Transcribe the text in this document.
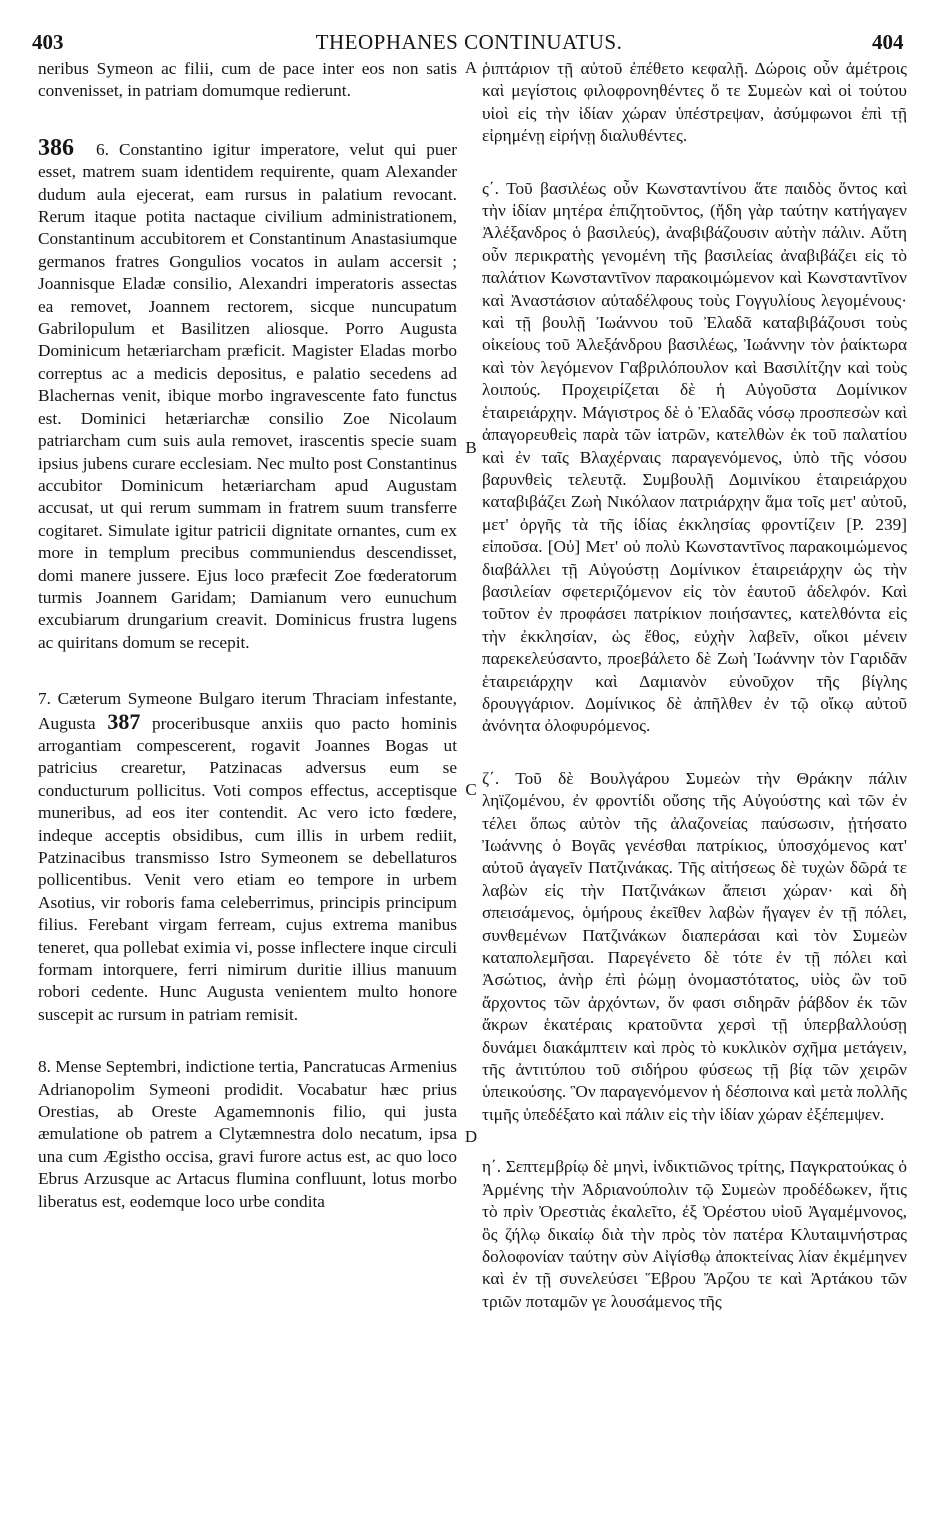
403	THEOPHANES CONTINUATUS.	404

neribus Symeon ac filii, cum de pace inter eos non satis convenisset, in patriam domumque redierunt.

386 6. Constantino igitur imperatore, velut qui puer esset, matrem suam identidem requirente, quam Alexander dudum aula ejecerat, eam rursus in palatium revocant. Rerum itaque potita nactaque civilium administrationem, Constantinum accubitorem et Constantinum Anastasiumque germanos fratres Gongulios vocatos in aulam accersit ; Joannisque Eladæ consilio, Alexandri imperatoris assectas ea removet, Joannem rectorem, sicque nuncupatum Gabrilopulum et Basilitzen aliosque. Porro Augusta Dominicum hetæriarcham præficit. Magister Eladas morbo correptus ac a medicis depositus, e palatio secedens ad Blachernas venit, ibique morbo ingravescente fato functus est. Dominici hetæriarchæ consilio Zoe Nicolaum patriarcham cum suis aula removet, irascentis specie suam ipsius jubens curare ecclesiam. Nec multo post Constantinus accubitor Dominicum hetæriarcham apud Augustam accusat, ut qui rerum summam in fratrem suum transferre cogitaret. Simulate igitur patricii dignitate ornantes, cum ex more in templum precibus communiendus descendisset, domi manere jussere. Ejus loco præfecit Zoe fœderatorum turmis Joannem Garidam; Damianum vero eunuchum excubiarum drungarium creavit. Dominicus frustra lugens ac quiritans domum se recepit.

7. Cæterum Symeone Bulgaro iterum Thraciam infestante, Augusta 387 proceribusque anxiis quo pacto hominis arrogantiam compescerent, rogavit Joannes Bogas ut patricius crearetur, Patzinacas adversus eum se conducturum pollicitus. Voti compos effectus, acceptisque muneribus, ad eos iter contendit. Ac vero icto fœdere, indeque acceptis obsidibus, cum illis in urbem rediit, Patzinacibus transmisso Istro Symeonem se debellaturos pollicentibus. Venit vero etiam eo tempore in urbem Asotius, vir roboris fama celeberrimus, principis principum filius. Ferebant virgam ferream, cujus extrema manibus teneret, qua pollebat eximia vi, posse inflectere inque circuli formam intorquere, ferri nimirum duritie illius manuum robori cedente. Hunc Augusta venientem multo honore suscepit ac rursum in patriam remisit.

8. Mense Septembri, indictione tertia, Pancratucas Armenius Adrianopolim Symeoni prodidit. Vocabatur hæc prius Orestias, ab Oreste Agamemnonis filio, qui justa æmulatione ob patrem a Clytæmnestra dolo necatum, ipsa una cum Ægistho occisa, gravi furore actus est, ac quo loco Ebrus Arzusque ac Artacus flumina confluunt, lotus morbo liberatus est, eodemque loco urbe condita

A
B
C
D

ῥιπτάριον τῇ αὐτοῦ ἐπέθετο κεφαλῇ. Δώροις οὖν ἀμέτροις καὶ μεγίστοις φιλοφρονηθέντες ὅ τε Συμεὼν καὶ οἱ τούτου υἱοὶ εἰς τὴν ἰδίαν χώραν ὑπέστρεψαν, ἀσύμφωνοι ἐπὶ τῇ εἰρημένῃ εἰρήνῃ διαλυθέντες.

ς΄. Τοῦ βασιλέως οὖν Κωνσταντίνου ἅτε παιδὸς ὄντος καὶ τὴν ἰδίαν μητέρα ἐπιζητοῦντος, (ἤδη γὰρ ταύτην κατήγαγεν Ἀλέξανδρος ὁ βασιλεύς), ἀναβιβάζουσιν αὐτὴν πάλιν. Αὕτη οὖν περικρατὴς γενομένη τῆς βασιλείας ἀναβιβάζει εἰς τὸ παλάτιον Κωνσταντῖνον παρακοιμώμενον καὶ Κωνσταντῖνον καὶ Ἀναστάσιον αὐταδέλφους τοὺς Γογγυλίους λεγομένους· καὶ τῇ βουλῇ Ἰωάννου τοῦ Ἐλαδᾶ καταβιβάζουσι τοὺς οἰκείους τοῦ Ἀλεξάνδρου βασιλέως, Ἰωάννην τὸν ῥαίκτωρα καὶ τὸν λεγόμενον Γαβριλόπουλον καὶ Βασιλίτζην καὶ τοὺς λοιπούς. Προχειρίζεται δὲ ἡ Αὐγοῦστα Δομίνικον ἑταιρειάρχην. Μάγιστρος δὲ ὁ Ἐλαδᾶς νόσῳ προσπεσὼν καὶ ἀπαγορευθεὶς παρὰ τῶν ἰατρῶν, κατελθὼν ἐκ τοῦ παλατίου καὶ ἐν ταῖς Βλαχέρναις παραγενόμενος, ὑπὸ τῆς νόσου βαρυνθεὶς τελευτᾷ. Συμβουλῇ Δομινίκου ἑταιρειάρχου καταβιβάζει Ζωὴ Νικόλαον πατριάρχην ἅμα τοῖς μετ' αὐτοῦ, μετ' ὀργῆς τὰ τῆς ἰδίας ἐκκλησίας φροντίζειν [P. 239] εἰποῦσα. [Οὐ] Μετ' οὐ πολὺ Κωνσταντῖνος παρακοιμώμενος διαβάλλει τῇ Αὐγούστῃ Δομίνικον ἑταιρειάρχην ὡς τὴν βασιλείαν σφετεριζόμενον εἰς τὸν ἑαυτοῦ ἀδελφόν. Καὶ τοῦτον ἐν προφάσει πατρίκιον ποιήσαντες, κατελθόντα εἰς τὴν ἐκκλησίαν, ὡς ἔθος, εὐχὴν λαβεῖν, οἴκοι μένειν παρεκελεύσαντο, προεβάλετο δὲ Ζωὴ Ἰωάννην τὸν Γαριδᾶν ἑταιρειάρχην καὶ Δαμιανὸν εὐνοῦχον τῆς βίγλης δρουγγάριον. Δομίνικος δὲ ἀπῆλθεν ἐν τῷ οἴκῳ αὐτοῦ ἀνόνητα ὀλοφυρόμενος.

ζ΄. Τοῦ δὲ Βουλγάρου Συμεὼν τὴν Θράκην πάλιν ληϊζομένου, ἐν φροντίδι οὔσης τῆς Αὐγούστης καὶ τῶν ἐν τέλει ὅπως αὐτὸν τῆς ἀλαζονείας παύσωσιν, ᾐτήσατο Ἰωάννης ὁ Βογᾶς γενέσθαι πατρίκιος, ὑποσχόμενος κατ' αὐτοῦ ἀγαγεῖν Πατζινάκας. Τῆς αἰτήσεως δὲ τυχὼν δῶρά τε λαβὼν εἰς τὴν Πατζινάκων ἄπεισι χώραν· καὶ δὴ σπεισάμενος, ὁμήρους ἐκεῖθεν λαβὼν ἤγαγεν ἐν τῇ πόλει, συνθεμένων Πατζινάκων διαπεράσαι καὶ τὸν Συμεὼν καταπολεμῆσαι. Παρεγένετο δὲ τότε ἐν τῇ πόλει καὶ Ἀσώτιος, ἀνὴρ ἐπὶ ῥώμῃ ὀνομαστότατος, υἱὸς ὢν τοῦ ἄρχοντος τῶν ἀρχόντων, ὅν φασι σιδηρᾶν ῥάβδον ἐκ τῶν ἄκρων ἑκατέραις κρατοῦντα χερσὶ τῇ ὑπερβαλλούσῃ δυνάμει διακάμπτειν καὶ πρὸς τὸ κυκλικὸν σχῆμα μετάγειν, τῆς ἀντιτύπου τοῦ σιδήρου φύσεως τῇ βίᾳ τῶν χειρῶν ὑπεικούσης. Ὃν παραγενόμενον ἡ δέσποινα καὶ μετὰ πολλῆς τιμῆς ὑπεδέξατο καὶ πάλιν εἰς τὴν ἰδίαν χώραν ἐξέπεμψεν.

η΄. Σεπτεμβρίῳ δὲ μηνὶ, ἰνδικτιῶνος τρίτης, Παγκρατούκας ὁ Ἀρμένης τὴν Ἀδριανούπολιν τῷ Συμεὼν προδέδωκεν, ἥτις τὸ πρὶν Ὀρεστιὰς ἐκαλεῖτο, ἐξ Ὀρέστου υἱοῦ Ἀγαμέμνονος, ὃς ζήλῳ δικαίῳ διὰ τὴν πρὸς τὸν πατέρα Κλυταιμνήστρας δολοφονίαν ταύτην σὺν Αἰγίσθῳ ἀποκτείνας λίαν ἐκμέμηνεν καὶ ἐν τῇ συνελεύσει Ἕβρου Ἄρζου τε καὶ Ἀρτάκου τῶν τριῶν ποταμῶν γε λουσάμενος τῆς
